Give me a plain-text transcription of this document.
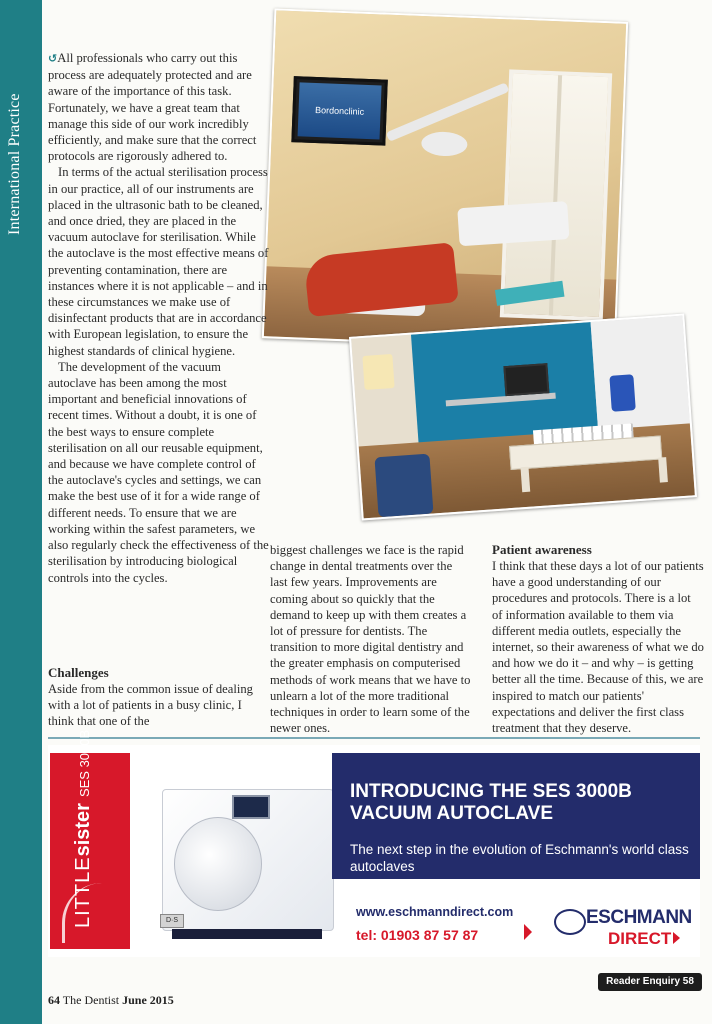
International Practice	Bordonclinic

↺All professionals who carry out this process are adequately protected and are aware of the importance of this task. Fortunately, we have a great team that manage this side of our work incredibly efficiently, and make sure that the correct protocols are rigorously adhered to.

In terms of the actual sterilisation process in our practice, all of our instruments are placed in the ultrasonic bath to be cleaned, and once dried, they are placed in the vacuum autoclave for sterilisation. While the autoclave is the most effective means of preventing contamination, there are instances where it is not applicable – and in these circumstances we make use of disinfectant products that are in accordance with European legislation, to ensure the highest standards of clinical hygiene.

The development of the vacuum autoclave has been among the most important and beneficial innovations of recent times. Without a doubt, it is one of the best ways to ensure complete sterilisation on all our reusable equipment, and because we have complete control of the autoclave's cycles and settings, we can make the best use of it for a wide range of different needs. To ensure that we are working within the safest parameters, we also regularly check the effectiveness of the sterilisation by introducing biological controls into the cycles.

Challenges

Aside from the common issue of dealing with a lot of patients in a busy clinic, I think that one of the

biggest challenges we face is the rapid change in dental treatments over the last few years. Improvements are coming about so quickly that the demand to keep up with them creates a lot of pressure for dentists. The transition to more digital dentistry and the greater emphasis on computerised methods of work means that we have to unlearn a lot of the more traditional techniques in order to learn some of the newer ones.

Patient awareness

I think that these days a lot of our patients have a good understanding of our procedures and protocols. There is a lot of information available to them via different media outlets, especially the internet, so their awareness of what we do and how we do it – and why – is getting better all the time. Because of this, we are inspired to match our patients' expectations and deliver the first class treatment that they deserve.

LITTLEsisterSES 3000B
D·S
INTRODUCING THE SES 3000B VACUUM AUTOCLAVE
The next step in the evolution of Eschmann's world class autoclaves
www.eschmanndirect.com
tel: 01903 87 57 87
ESCHMANN
DIRECT
Reader Enquiry 58
64 The Dentist June 2015
